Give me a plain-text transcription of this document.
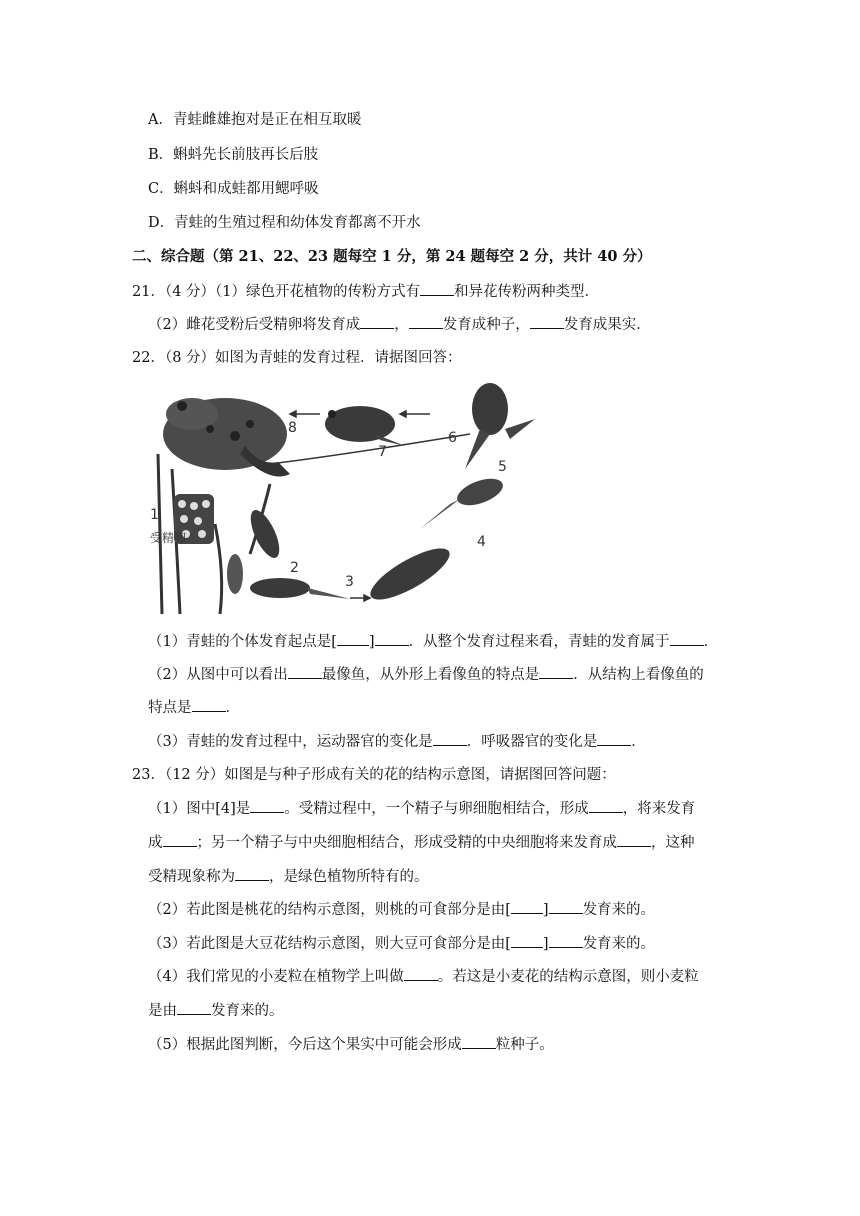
A．青蛙雌雄抱对是正在相互取暖
B．蝌蚪先长前肢再长后肢
C．蝌蚪和成蛙都用鳃呼吸
D．青蛙的生殖过程和幼体发育都离不开水
二、综合题（第 21、22、23 题每空 1 分，第 24 题每空 2 分，共计 40 分）
21．（4 分）（1）绿色开花植物的传粉方式有 和异花传粉两种类型．
（2）雌花受粉后受精卵将发育成 ， 发育成种子， 发育成果实．
22．（8 分）如图为青蛙的发育过程．请据图回答：
1
2
3
4
5
6
7
8
受精卵
（1）青蛙的个体发育起点是[ ] ．从整个发育过程来看，青蛙的发育属于 ．
（2）从图中可以看出 最像鱼，从外形上看像鱼的特点是 ．从结构上看像鱼的
特点是 ．
（3）青蛙的发育过程中，运动器官的变化是 ．呼吸器官的变化是 ．
23．（12 分）如图是与种子形成有关的花的结构示意图，请据图回答问题：
（1）图中[4]是 。受精过程中，一个精子与卵细胞相结合，形成 ，将来发育
成 ；另一个精子与中央细胞相结合，形成受精的中央细胞将来发育成 ，这种
受精现象称为 ，是绿色植物所特有的。
（2）若此图是桃花的结构示意图，则桃的可食部分是由[ ] 发育来的。
（3）若此图是大豆花结构示意图，则大豆可食部分是由[ ] 发育来的。
（4）我们常见的小麦粒在植物学上叫做 。若这是小麦花的结构示意图，则小麦粒
是由 发育来的。
（5）根据此图判断，今后这个果实中可能会形成 粒种子。
